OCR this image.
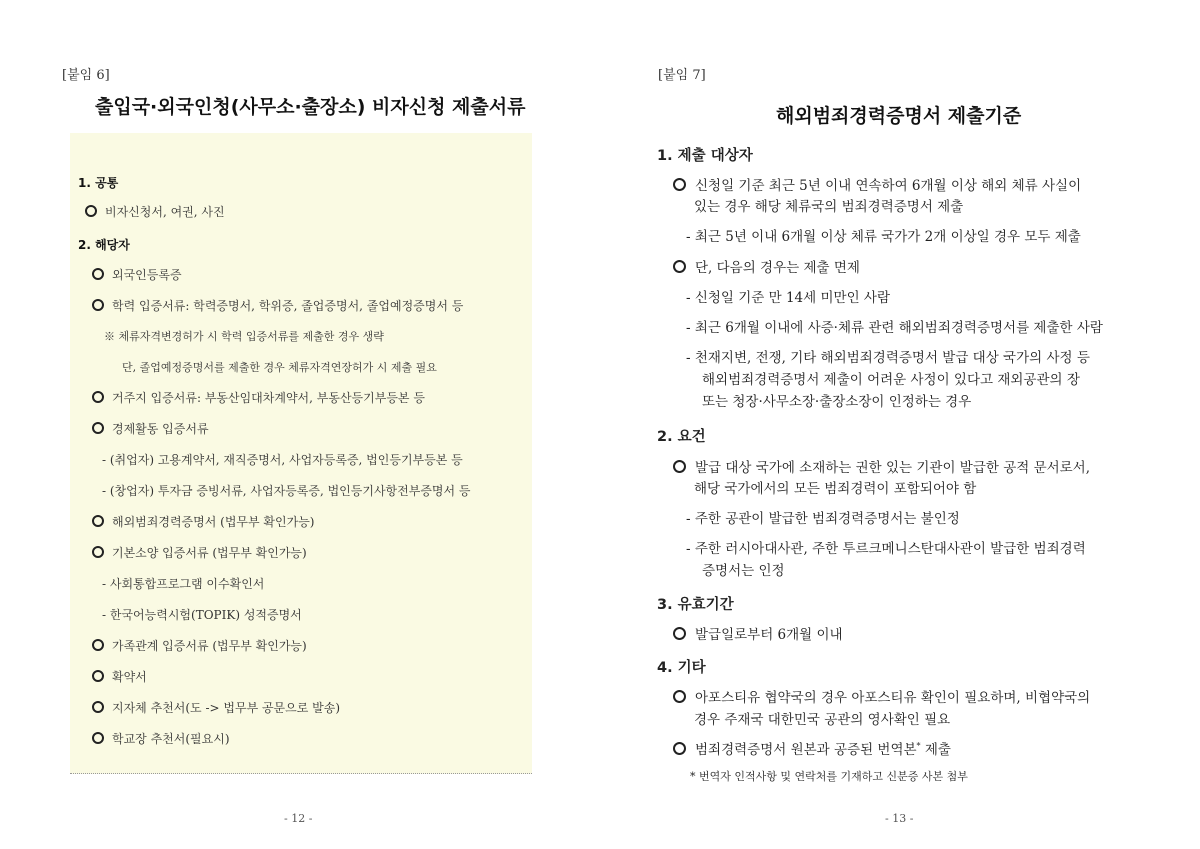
[붙임 6]
출입국·외국인청(사무소·출장소) 비자신청 제출서류
1. 공통
비자신청서, 여권, 사진
2. 해당자
외국인등록증
학력 입증서류: 학력증명서, 학위증, 졸업증명서, 졸업예정증명서 등
※ 체류자격변경허가 시 학력 입증서류를 제출한 경우 생략
단, 졸업예정증명서를 제출한 경우 체류자격연장허가 시 제출 필요
거주지 입증서류: 부동산임대차계약서, 부동산등기부등본 등
경제활동 입증서류
- (취업자) 고용계약서, 재직증명서, 사업자등록증, 법인등기부등본 등
- (창업자) 투자금 증빙서류, 사업자등록증, 법인등기사항전부증명서 등
해외범죄경력증명서 (법무부 확인가능)
기본소양 입증서류 (법무부 확인가능)
- 사회통합프로그램 이수확인서
- 한국어능력시험(TOPIK) 성적증명서
가족관계 입증서류 (법무부 확인가능)
확약서
지자체 추천서(도 -> 법무부 공문으로 발송)
학교장 추천서(필요시)
- 12 -
[붙임 7]
해외범죄경력증명서 제출기준
1. 제출 대상자
신청일 기준 최근 5년 이내 연속하여 6개월 이상 해외 체류 사실이
있는 경우 해당 체류국의 범죄경력증명서 제출
- 최근 5년 이내 6개월 이상 체류 국가가 2개 이상일 경우 모두 제출
단, 다음의 경우는 제출 면제
- 신청일 기준 만 14세 미만인 사람
- 최근 6개월 이내에 사증·체류 관련 해외범죄경력증명서를 제출한 사람
- 천재지변, 전쟁, 기타 해외범죄경력증명서 발급 대상 국가의 사정 등
해외범죄경력증명서 제출이 어려운 사정이 있다고 재외공관의 장
또는 청장·사무소장·출장소장이 인정하는 경우
2. 요건
발급 대상 국가에 소재하는 권한 있는 기관이 발급한 공적 문서로서,
해당 국가에서의 모든 범죄경력이 포함되어야 함
- 주한 공관이 발급한 범죄경력증명서는 불인정
- 주한 러시아대사관, 주한 투르크메니스탄대사관이 발급한 범죄경력
증명서는 인정
3. 유효기간
발급일로부터 6개월 이내
4. 기타
아포스티유 협약국의 경우 아포스티유 확인이 필요하며, 비협약국의
경우 주재국 대한민국 공관의 영사확인 필요
범죄경력증명서 원본과 공증된 번역본* 제출
* 번역자 인적사항 및 연락처를 기재하고 신분증 사본 첨부
- 13 -
